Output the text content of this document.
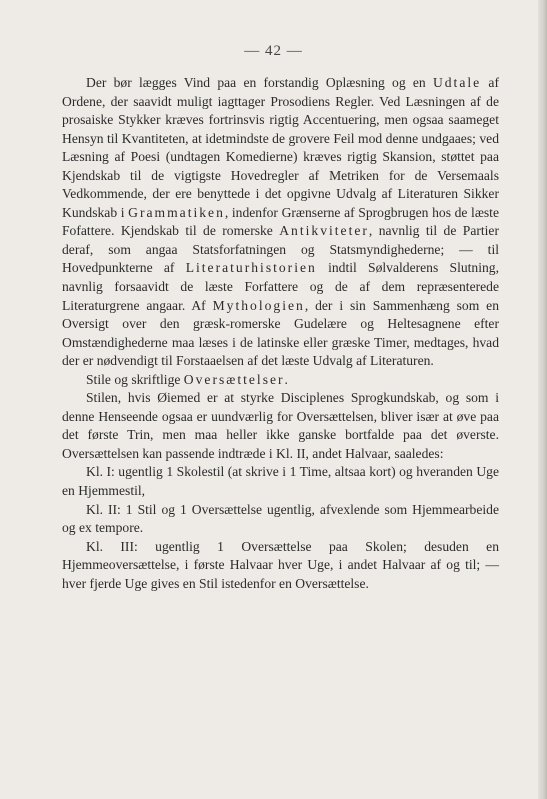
— 42 —

Der bør lægges Vind paa en forstandig Oplæsning og en Udtale af Ordene, der saavidt muligt iagttager Prosodiens Regler. Ved Læsningen af de prosaiske Stykker kræves fortrinsvis rigtig Accentuering, men ogsaa saameget Hensyn til Kvantiteten, at idetmindste de grovere Feil mod denne undgaaes; ved Læsning af Poesi (undtagen Komedierne) kræves rigtig Skansion, støttet paa Kjendskab til de vigtigste Hovedregler af Metriken for de Versemaals Vedkommende, der ere benyttede i det opgivne Udvalg af Literaturen Sikker Kundskab i Grammatiken, indenfor Grænserne af Sprogbrugen hos de læste Fofattere. Kjendskab til de romerske Antikviteter, navnlig til de Partier deraf, som angaa Statsforfatningen og Statsmyndighederne; — til Hovedpunkterne af Literaturhistorien indtil Sølvalderens Slutning, navnlig forsaavidt de læste Forfattere og de af dem repræsenterede Literaturgrene angaar. Af Mythologien, der i sin Sammenhæng som en Oversigt over den græsk-romerske Gudelære og Heltesagnene efter Omstændighederne maa læses i de latinske eller græske Timer, medtages, hvad der er nødvendigt til Forstaaelsen af det læste Udvalg af Literaturen.

Stile og skriftlige Oversættelser.

Stilen, hvis Øiemed er at styrke Disciplenes Sprogkundskab, og som i denne Henseende ogsaa er uundværlig for Oversættelsen, bliver især at øve paa det første Trin, men maa heller ikke ganske bortfalde paa det øverste. Oversættelsen kan passende indtræde i Kl. II, andet Halvaar, saaledes:

Kl. I: ugentlig 1 Skolestil (at skrive i 1 Time, altsaa kort) og hveranden Uge en Hjemmestil,

Kl. II: 1 Stil og 1 Oversættelse ugentlig, afvexlende som Hjemmearbeide og ex tempore.

Kl. III: ugentlig 1 Oversættelse paa Skolen; desuden en Hjemmeoversættelse, i første Halvaar hver Uge, i andet Halvaar af og til; — hver fjerde Uge gives en Stil istedenfor en Oversættelse.
